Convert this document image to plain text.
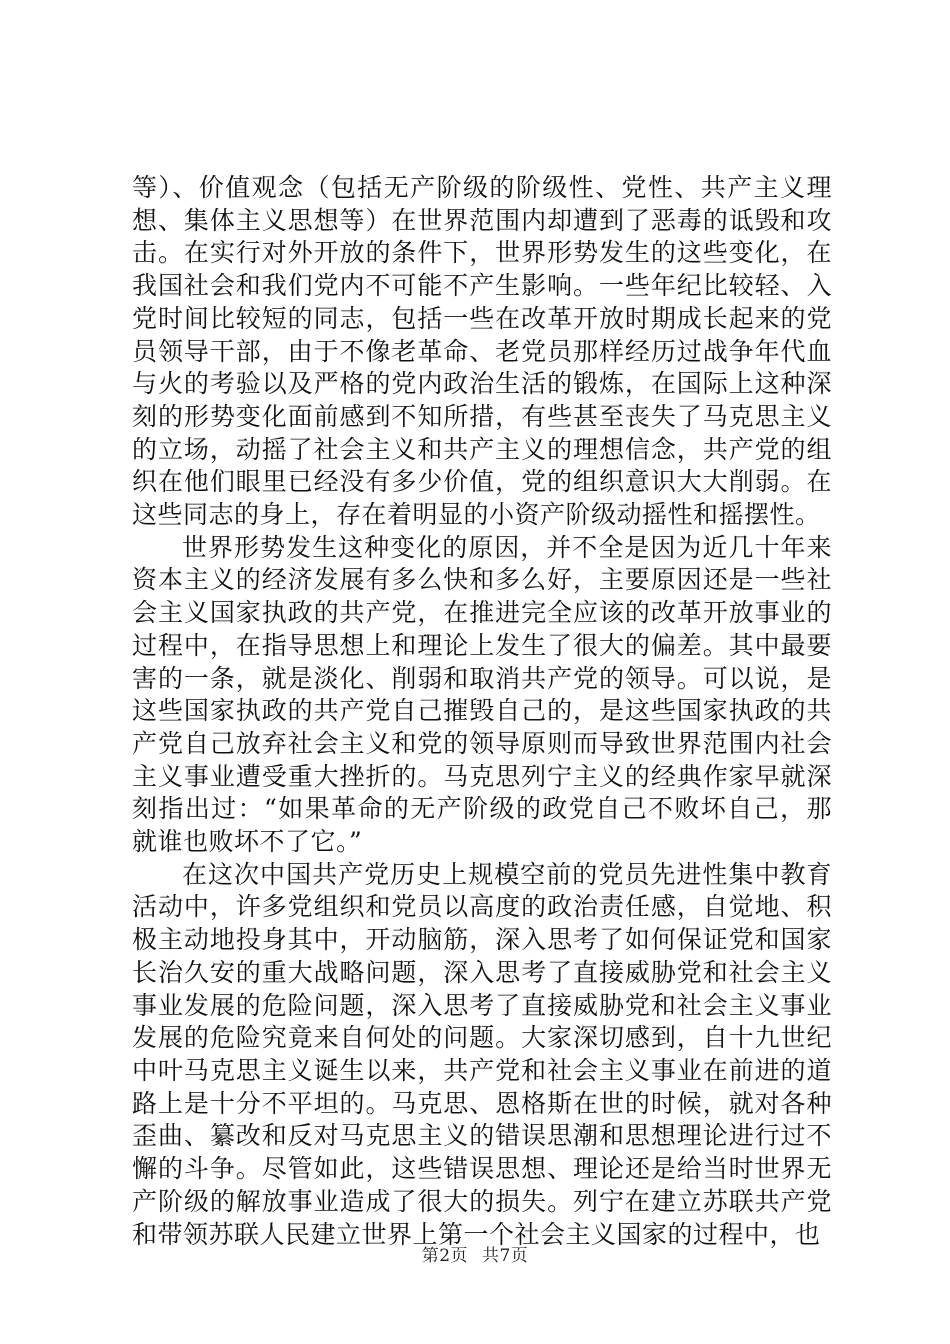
等）、价值观念（包括无产阶级的阶级性、党性、共产主义理想、集体主义思想等）在世界范围内却遭到了恶毒的诋毁和攻击。在实行对外开放的条件下，世界形势发生的这些变化，在我国社会和我们党内不可能不产生影响。一些年纪比较轻、入党时间比较短的同志，包括一些在改革开放时期成长起来的党员领导干部，由于不像老革命、老党员那样经历过战争年代血与火的考验以及严格的党内政治生活的锻炼，在国际上这种深刻的形势变化面前感到不知所措，有些甚至丧失了马克思主义的立场，动摇了社会主义和共产主义的理想信念，共产党的组织在他们眼里已经没有多少价值，党的组织意识大大削弱。在这些同志的身上，存在着明显的小资产阶级动摇性和摇摆性。

世界形势发生这种变化的原因，并不全是因为近几十年来资本主义的经济发展有多么快和多么好，主要原因还是一些社会主义国家执政的共产党，在推进完全应该的改革开放事业的过程中，在指导思想上和理论上发生了很大的偏差。其中最要害的一条，就是淡化、削弱和取消共产党的领导。可以说，是这些国家执政的共产党自己摧毁自己的，是这些国家执政的共产党自己放弃社会主义和党的领导原则而导致世界范围内社会主义事业遭受重大挫折的。马克思列宁主义的经典作家早就深刻指出过：“如果革命的无产阶级的政党自己不败坏自己，那就谁也败坏不了它。”

在这次中国共产党历史上规模空前的党员先进性集中教育活动中，许多党组织和党员以高度的政治责任感，自觉地、积极主动地投身其中，开动脑筋，深入思考了如何保证党和国家长治久安的重大战略问题，深入思考了直接威胁党和社会主义事业发展的危险问题，深入思考了直接威胁党和社会主义事业发展的危险究竟来自何处的问题。大家深切感到，自十九世纪中叶马克思主义诞生以来，共产党和社会主义事业在前进的道路上是十分不平坦的。马克思、恩格斯在世的时候，就对各种歪曲、纂改和反对马克思主义的错误思潮和思想理论进行过不懈的斗争。尽管如此，这些错误思想、理论还是给当时世界无产阶级的解放事业造成了很大的损失。列宁在建立苏联共产党和带领苏联人民建立世界上第一个社会主义国家的过程中，也

第2页 共7页
